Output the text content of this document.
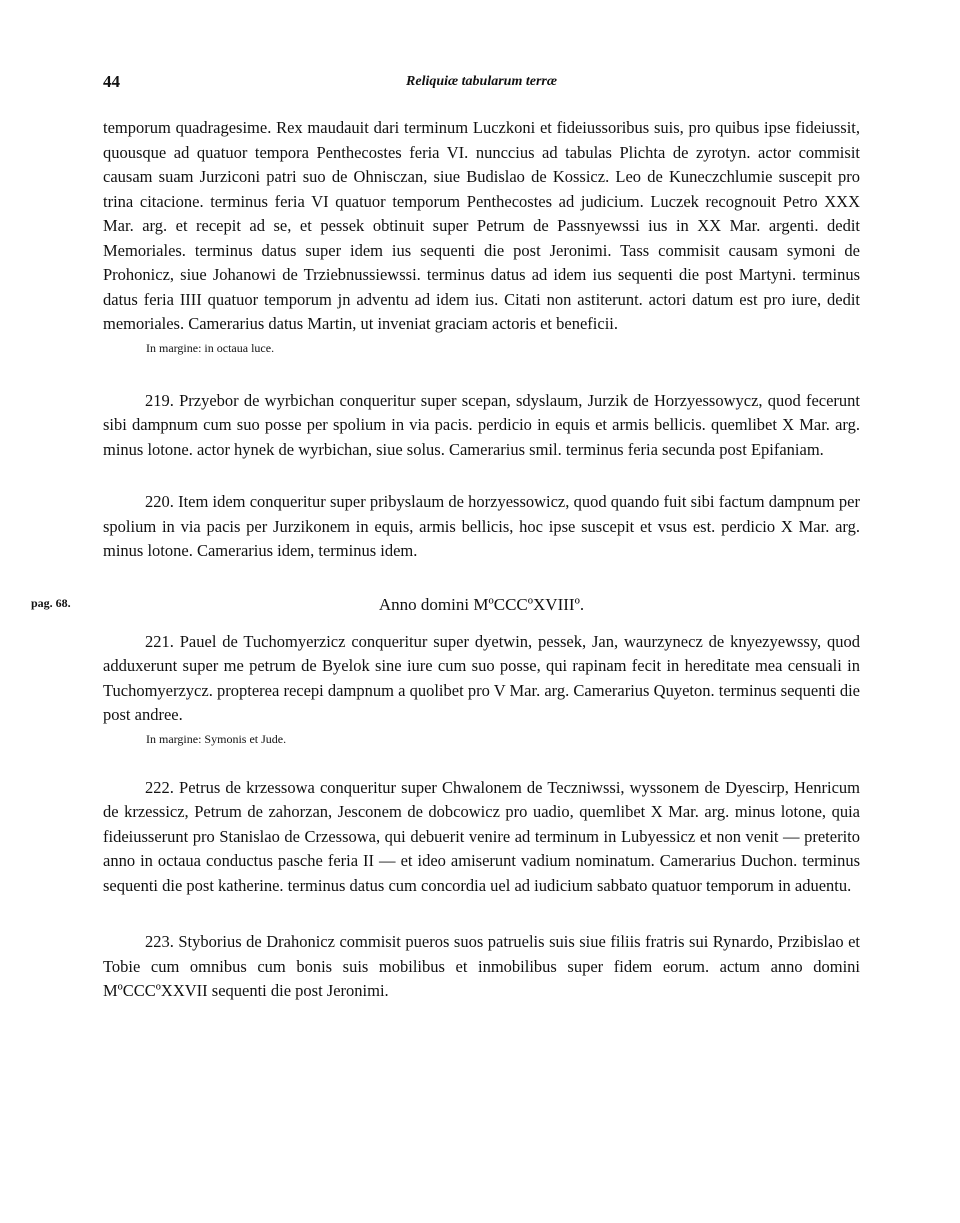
44	Reliquiæ tabularum terræ

temporum quadragesime. Rex maudauit dari terminum Luczkoni et fideiussoribus suis, pro quibus ipse fideiussit, quousque ad quatuor tempora Penthecostes feria VI. nunccius ad tabulas Plichta de zyrotyn. actor commisit causam suam Jurziconi patri suo de Ohnisczan, siue Budislao de Kossicz. Leo de Kuneczchlumie suscepit pro trina citacione. terminus feria VI quatuor temporum Penthecostes ad judicium. Luczek recognouit Petro XXX Mar. arg. et recepit ad se, et pessek obtinuit super Petrum de Passnyewssi ius in XX Mar. argenti. dedit Memoriales. terminus datus super idem ius sequenti die post Jeronimi. Tass commisit causam symoni de Prohonicz, siue Johanowi de Trziebnussiewssi. terminus datus ad idem ius sequenti die post Martyni. terminus datus feria IIII quatuor temporum jn adventu ad idem ius. Citati non astiterunt. actori datum est pro iure, dedit memoriales. Camerarius datus Martin, ut inveniat graciam actoris et beneficii.

In margine: in octaua luce.

219. Przyebor de wyrbichan conqueritur super scepan, sdyslaum, Jurzik de Horzyessowycz, quod fecerunt sibi dampnum cum suo posse per spolium in via pacis. perdicio in equis et armis bellicis. quemlibet X Mar. arg. minus lotone. actor hynek de wyrbichan, siue solus. Camerarius smil. terminus feria secunda post Epifaniam.

220. Item idem conqueritur super pribyslaum de horzyessowicz, quod quando fuit sibi factum dampnum per spolium in via pacis per Jurzikonem in equis, armis bellicis, hoc ipse suscepit et vsus est. perdicio X Mar. arg. minus lotone. Camerarius idem, terminus idem.

pag. 68.	Anno domini MºCCCºXVIIIº.

221. Pauel de Tuchomyerzicz conqueritur super dyetwin, pessek, Jan, waurzynecz de knyezyewssy, quod adduxerunt super me petrum de Byelok sine iure cum suo posse, qui rapinam fecit in hereditate mea censuali in Tuchomyerzycz. propterea recepi dampnum a quolibet pro V Mar. arg. Camerarius Quyeton. terminus sequenti die post andree.

In margine: Symonis et Jude.

222. Petrus de krzessowa conqueritur super Chwalonem de Teczniwssi, wyssonem de Dyescirp, Henricum de krzessicz, Petrum de zahorzan, Jesconem de dobcowicz pro uadio, quemlibet X Mar. arg. minus lotone, quia fideiusserunt pro Stanislao de Crzessowa, qui debuerit venire ad terminum in Lubyessicz et non venit — preterito anno in octaua conductus pasche feria II — et ideo amiserunt vadium nominatum. Camerarius Duchon. terminus sequenti die post katherine. terminus datus cum concordia uel ad iudicium sabbato quatuor temporum in aduentu.

223. Styborius de Drahonicz commisit pueros suos patruelis suis siue filiis fratris sui Rynardo, Przibislao et Tobie cum omnibus cum bonis suis mobilibus et inmobilibus super fidem eorum. actum anno domini MºCCCºXXVII sequenti die post Jeronimi.
